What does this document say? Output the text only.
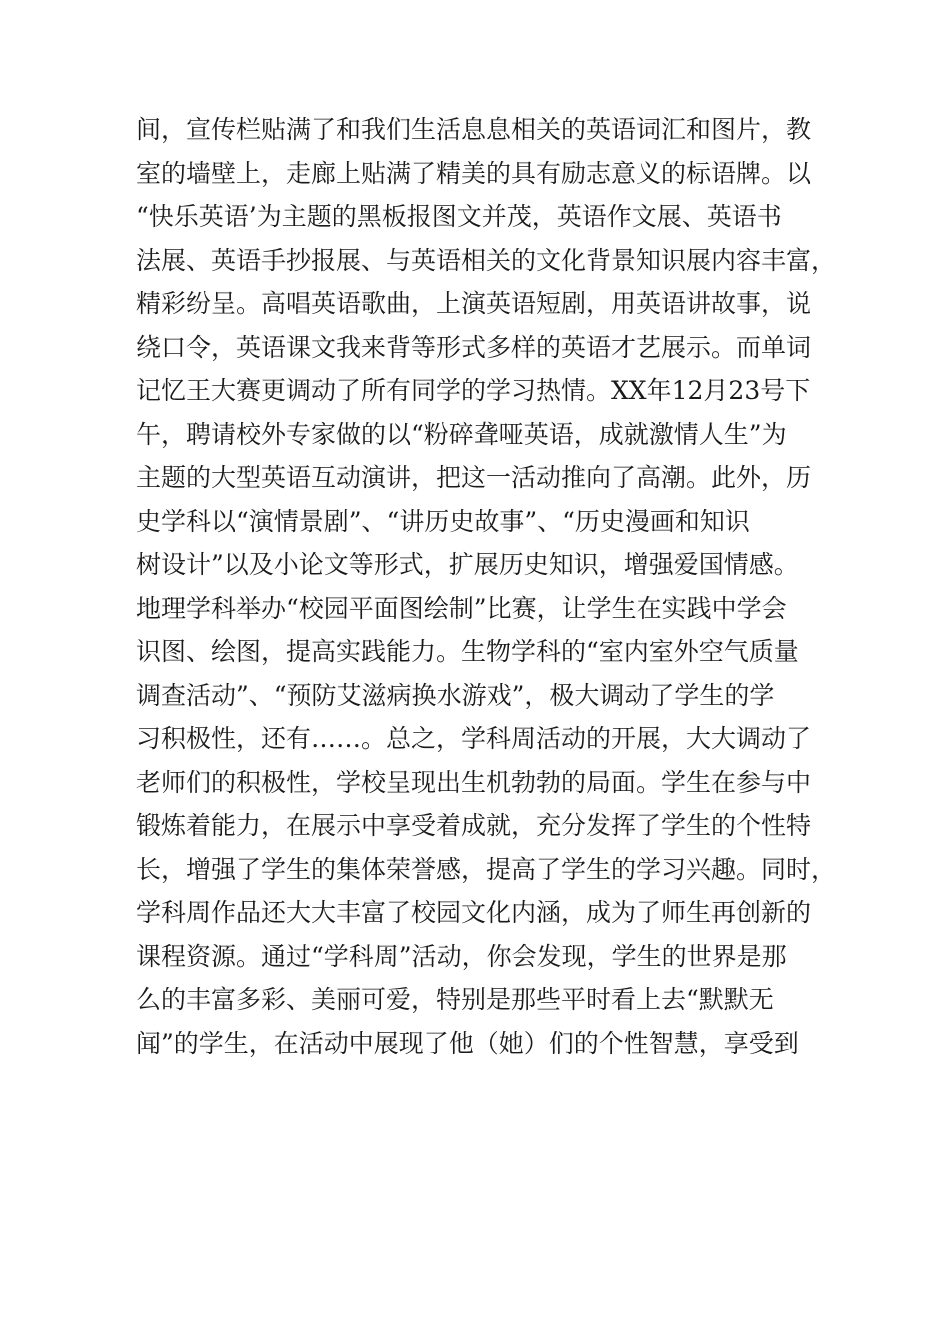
间，宣传栏贴满了和我们生活息息相关的英语词汇和图片，教
室的墙壁上，走廊上贴满了精美的具有励志意义的标语牌。以
“快乐英语’为主题的黑板报图文并茂，英语作文展、英语书
法展、英语手抄报展、与英语相关的文化背景知识展内容丰富，
精彩纷呈。高唱英语歌曲，上演英语短剧，用英语讲故事，说
绕口令，英语课文我来背等形式多样的英语才艺展示。而单词
记忆王大赛更调动了所有同学的学习热情。XX年12月23号下
午，聘请校外专家做的以“粉碎聋哑英语，成就激情人生”为
主题的大型英语互动演讲，把这一活动推向了高潮。此外，历
史学科以“演情景剧”、“讲历史故事”、“历史漫画和知识
树设计”以及小论文等形式，扩展历史知识，增强爱国情感。
地理学科举办“校园平面图绘制”比赛，让学生在实践中学会
识图、绘图，提高实践能力。生物学科的“室内室外空气质量
调查活动”、“预防艾滋病换水游戏”，极大调动了学生的学
习积极性，还有……。总之，学科周活动的开展，大大调动了
老师们的积极性，学校呈现出生机勃勃的局面。学生在参与中
锻炼着能力，在展示中享受着成就，充分发挥了学生的个性特
长，增强了学生的集体荣誉感，提高了学生的学习兴趣。同时，
学科周作品还大大丰富了校园文化内涵，成为了师生再创新的
课程资源。通过“学科周”活动，你会发现，学生的世界是那
么的丰富多彩、美丽可爱，特别是那些平时看上去“默默无
闻”的学生，在活动中展现了他（她）们的个性智慧，享受到
